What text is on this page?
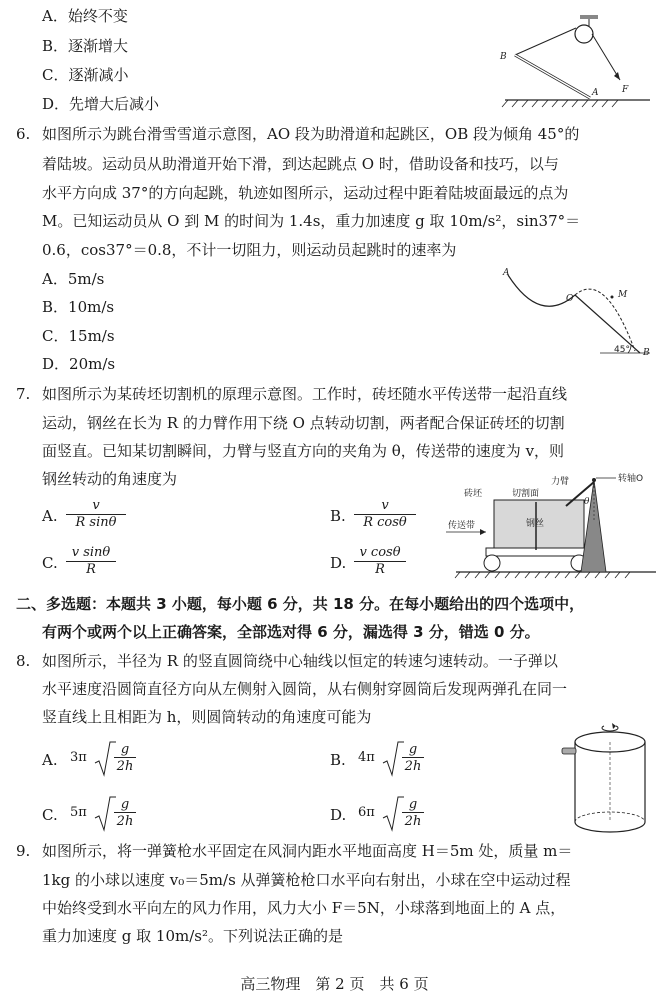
A．始终不变
B．逐渐增大
C．逐渐减小
D．先增大后减小
B
A	F
6. 如图所示为跳台滑雪雪道示意图，AO 段为助滑道和起跳区，OB 段为倾角 45°的
着陆坡。运动员从助滑道开始下滑，到达起跳点 O 时，借助设备和技巧，以与
水平方向成 37°的方向起跳，轨迹如图所示，运动过程中距着陆坡面最远的点为
M。已知运动员从 O 到 M 的时间为 1.4s，重力加速度 g 取 10m/s²，sin37°＝
0.6，cos37°＝0.8，不计一切阻力，则运动员起跳时的速率为
A．5m/s
B．10m/s
C．15m/s
D．20m/s
A
O	M
B
45°
7. 如图所示为某砖坯切割机的原理示意图。工作时，砖坯随水平传送带一起沿直线
运动，钢丝在长为 R 的力臂作用下绕 O 点转动切割，两者配合保证砖坯的切割
面竖直。已知某切割瞬间，力臂与竖直方向的夹角为 θ，传送带的速度为 v，则
钢丝转动的角速度为
A. $\frac{v}{\text{R sinθ}}$	B. $\frac{v}{\text{R cosθ}}$
C. $\frac{\text{v sinθ}}{R}$	D. $\frac{\text{v cosθ}}{R}$
力臂	转轴O
砖坯	切割面
传送带	钢丝
θ
二、多选题：本题共 3 小题，每小题 6 分，共 18 分。在每小题给出的四个选项中，
有两个或两个以上正确答案，全部选对得 6 分，漏选得 3 分，错选 0 分。
8. 如图所示，半径为 R 的竖直圆筒绕中心轴线以恒定的转速匀速转动。一子弹以
水平速度沿圆筒直径方向从左侧射入圆筒，从右侧射穿圆筒后发现两弹孔在同一
竖直线上且相距为 h，则圆筒转动的角速度可能为
A. 3π
g
2h	B. 4π
g
2h
C. 5π
g
2h	D. 6π
g
2h
9. 如图所示，将一弹簧枪水平固定在风洞内距水平地面高度 H＝5m 处，质量 m＝
1kg 的小球以速度 v₀＝5m/s 从弹簧枪枪口水平向右射出，小球在空中运动过程
中始终受到水平向左的风力作用，风力大小 F＝5N，小球落到地面上的 A 点，
重力加速度 g 取 10m/s²。下列说法正确的是
高三物理　第 2 页　共 6 页
